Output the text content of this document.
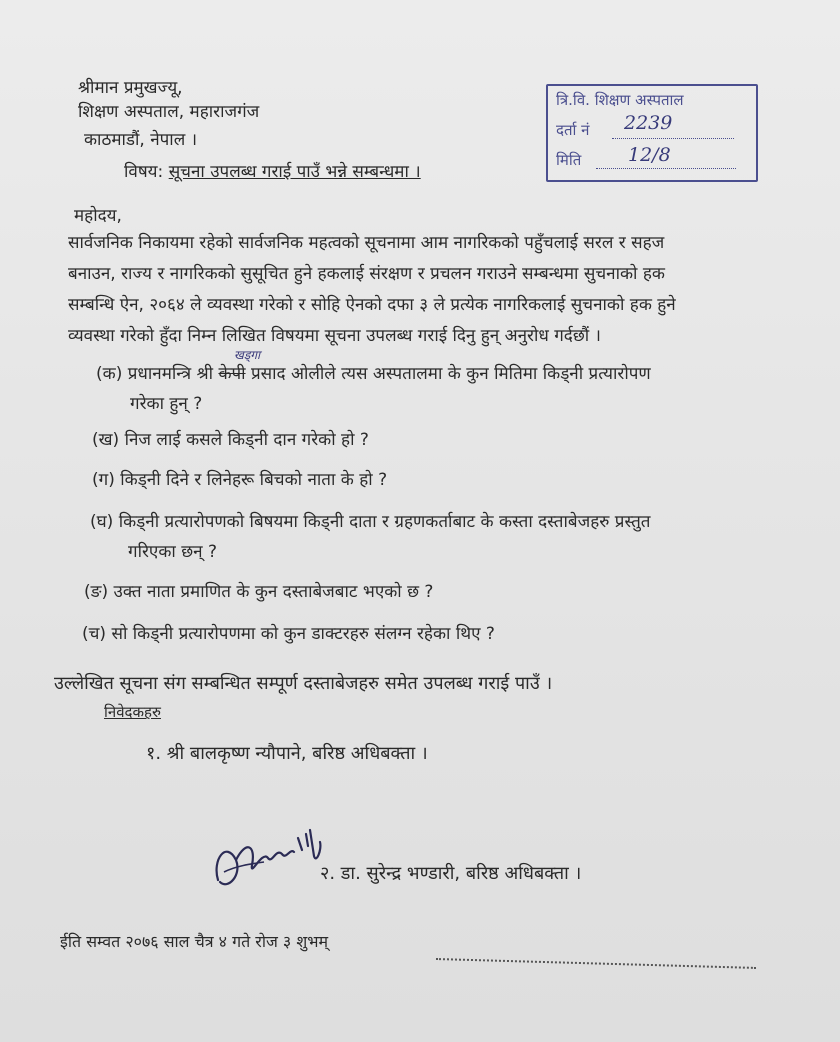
श्रीमान प्रमुखज्यू,
शिक्षण अस्पताल, महाराजगंज
काठमाडौं, नेपाल ।
त्रि.वि. शिक्षण अस्पताल
दर्ता नं 2239
मिति 12/8
विषय: सूचना उपलब्ध गराई पाउँ भन्ने सम्बन्धमा ।
महोदय,
सार्वजनिक निकायमा रहेको सार्वजनिक महत्वको सूचनामा आम नागरिकको पहुँचलाई सरल र सहज
बनाउन, राज्य र नागरिकको सुसूचित हुने हकलाई संरक्षण र प्रचलन गराउने सम्बन्धमा सुचनाको हक
सम्बन्धि ऐन, २०६४ ले व्यवस्था गरेको र सोहि ऐनको दफा ३ ले प्रत्येक नागरिकलाई सुचनाको हक हुने
व्यवस्था गरेको हुँदा निम्न लिखित विषयमा सूचना उपलब्ध गराई दिनु हुन् अनुरोध गर्दछौं ।
(क) प्रधानमन्त्रि श्री केपी प्रसाद ओलीले त्यस अस्पतालमा के कुन मितिमा किड्नी प्रत्यारोपण
खड्गा
गरेका हुन् ?
(ख) निज लाई कसले किड्नी दान गरेको हो ?
(ग) किड्नी दिने र लिनेहरू बिचको नाता के हो ?
(घ) किड्नी प्रत्यारोपणको बिषयमा किड्नी दाता र ग्रहणकर्ताबाट के कस्ता दस्ताबेजहरु प्रस्तुत
गरिएका छन् ?
(ङ) उक्त नाता प्रमाणित के कुन दस्ताबेजबाट भएको छ ?
(च) सो किड्नी प्रत्यारोपणमा को कुन डाक्टरहरु संलग्न रहेका थिए ?
उल्लेखित सूचना संग सम्बन्धित सम्पूर्ण दस्ताबेजहरु समेत उपलब्ध गराई पाउँ ।
निवेदकहरु
१. श्री बालकृष्ण न्यौपाने, बरिष्ठ अधिबक्ता ।
२. डा. सुरेन्द्र भण्डारी, बरिष्ठ अधिबक्ता ।
ईति सम्वत २०७६ साल चैत्र ४ गते रोज ३ शुभम्
